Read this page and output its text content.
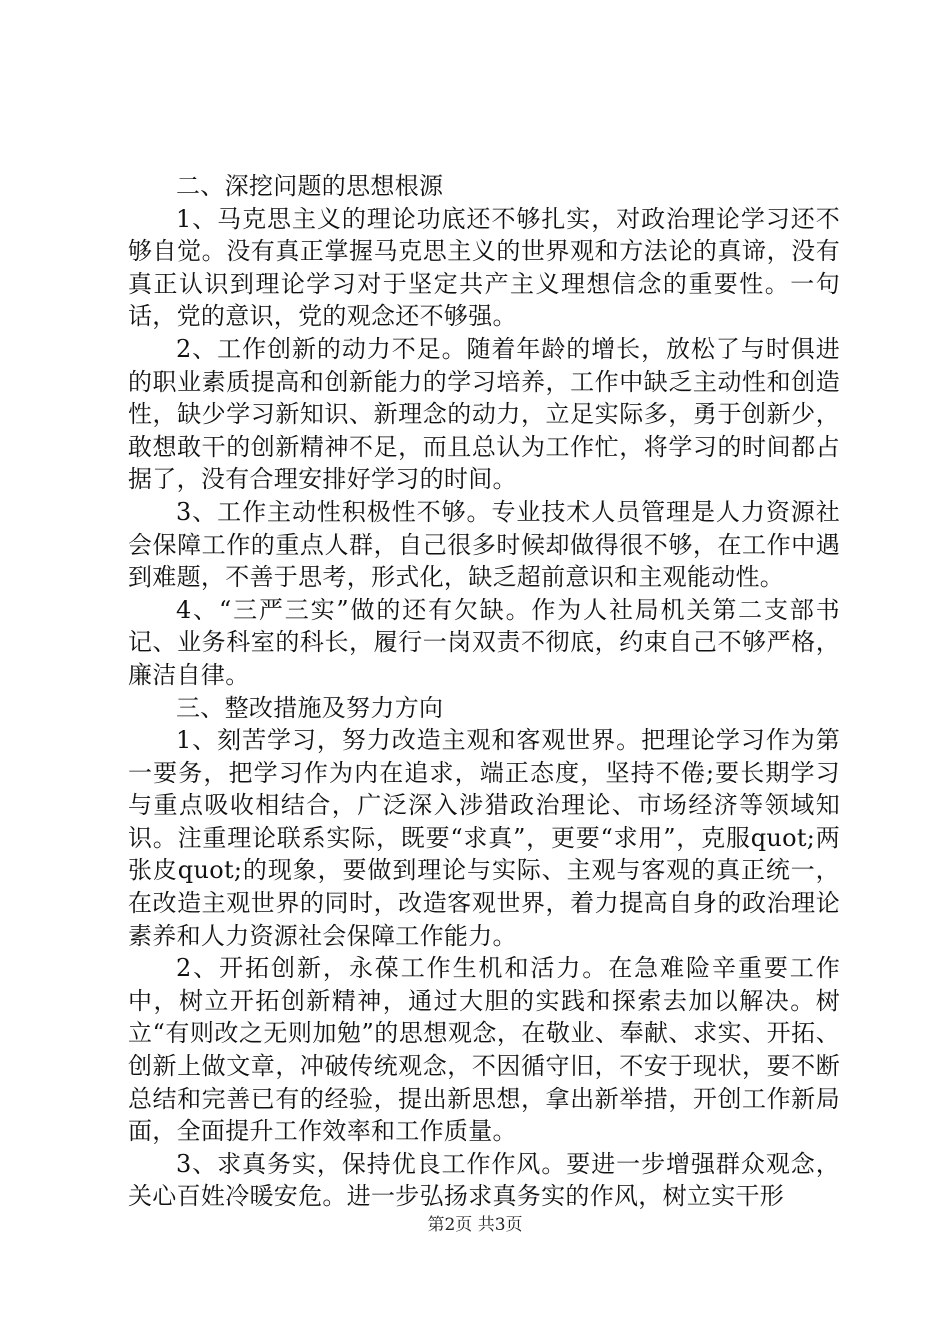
二、深挖问题的思想根源

1、马克思主义的理论功底还不够扎实，对政治理论学习还不够自觉。没有真正掌握马克思主义的世界观和方法论的真谛，没有真正认识到理论学习对于坚定共产主义理想信念的重要性。一句话，党的意识，党的观念还不够强。

2、工作创新的动力不足。随着年龄的增长，放松了与时俱进的职业素质提高和创新能力的学习培养，工作中缺乏主动性和创造性，缺少学习新知识、新理念的动力，立足实际多，勇于创新少，敢想敢干的创新精神不足，而且总认为工作忙，将学习的时间都占据了，没有合理安排好学习的时间。

3、工作主动性积极性不够。专业技术人员管理是人力资源社会保障工作的重点人群，自己很多时候却做得很不够，在工作中遇到难题，不善于思考，形式化，缺乏超前意识和主观能动性。

4、“三严三实”做的还有欠缺。作为人社局机关第二支部书记、业务科室的科长，履行一岗双责不彻底，约束自己不够严格，廉洁自律。

三、整改措施及努力方向

1、刻苦学习，努力改造主观和客观世界。把理论学习作为第一要务，把学习作为内在追求，端正态度，坚持不倦;要长期学习与重点吸收相结合，广泛深入涉猎政治理论、市场经济等领域知识。注重理论联系实际，既要“求真”，更要“求用”，克服quot;两张皮quot;的现象，要做到理论与实际、主观与客观的真正统一，在改造主观世界的同时，改造客观世界，着力提高自身的政治理论素养和人力资源社会保障工作能力。

2、开拓创新，永葆工作生机和活力。在急难险辛重要工作中，树立开拓创新精神，通过大胆的实践和探索去加以解决。树立“有则改之无则加勉”的思想观念，在敬业、奉献、求实、开拓、创新上做文章，冲破传统观念，不因循守旧，不安于现状，要不断总结和完善已有的经验，提出新思想，拿出新举措，开创工作新局面，全面提升工作效率和工作质量。

3、求真务实，保持优良工作作风。要进一步增强群众观念，关心百姓冷暖安危。进一步弘扬求真务实的作风，树立实干形

第2页 共3页
